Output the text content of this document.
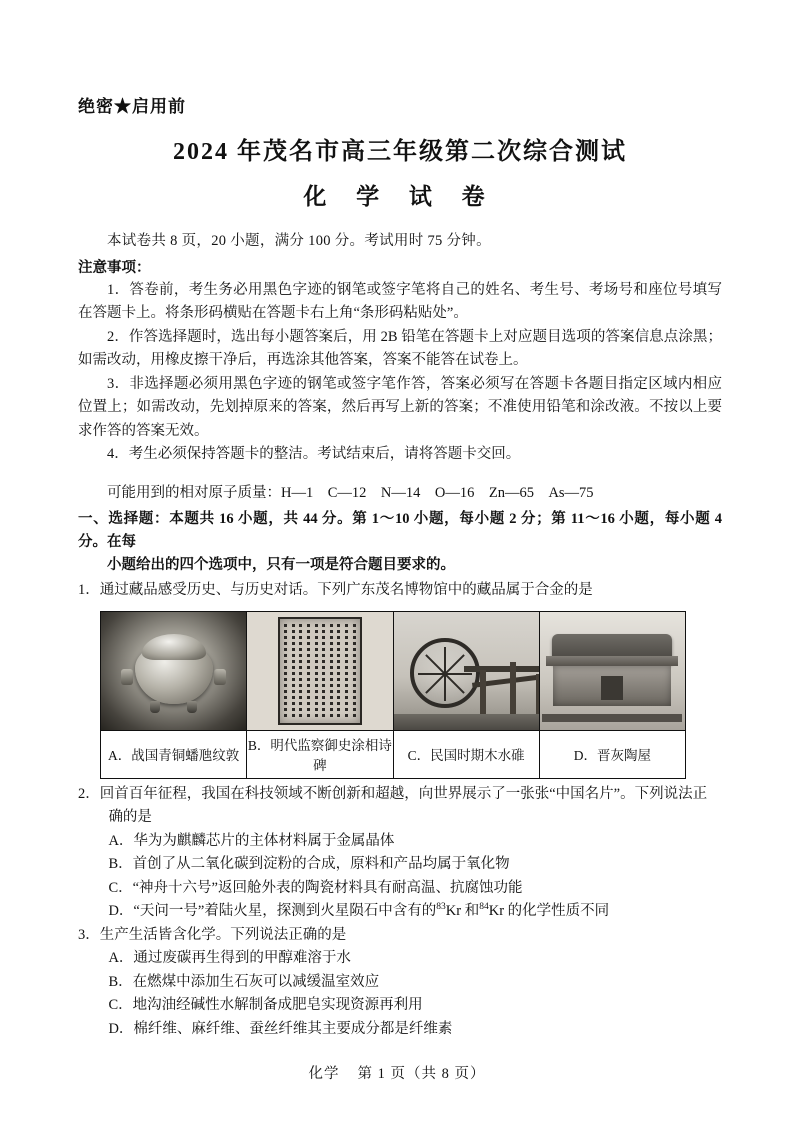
绝密★启用前
2024 年茂名市高三年级第二次综合测试
化 学 试 卷

本试卷共 8 页，20 小题，满分 100 分。考试用时 75 分钟。

注意事项：

1．答卷前，考生务必用黑色字迹的钢笔或签字笔将自己的姓名、考生号、考场号和座位号填写在答题卡上。将条形码横贴在答题卡右上角“条形码粘贴处”。

2．作答选择题时，选出每小题答案后，用 2B 铅笔在答题卡上对应题目选项的答案信息点涂黑；如需改动，用橡皮擦干净后，再选涂其他答案，答案不能答在试卷上。

3．非选择题必须用黑色字迹的钢笔或签字笔作答，答案必须写在答题卡各题目指定区域内相应位置上；如需改动，先划掉原来的答案，然后再写上新的答案；不准使用铅笔和涂改液。不按以上要求作答的答案无效。

4．考生必须保持答题卡的整洁。考试结束后，请将答题卡交回。

可能用到的相对原子质量：H—1　C—12　N—14　O—16　Zn—65　As—75

一、选择题：本题共 16 小题，共 44 分。第 1～10 小题，每小题 2 分；第 11～16 小题，每小题 4 分。在每
小题给出的四个选项中，只有一项是符合题目要求的。

1．通过藏品感受历史、与历史对话。下列广东茂名博物馆中的藏品属于合金的是

A．战国青铜蟠虺纹敦	B．明代监察御史涂相诗碑	C．民国时期木水碓	D．晋灰陶屋

2．回首百年征程，我国在科技领域不断创新和超越，向世界展示了一张张“中国名片”。下列说法正

确的是

A．华为为麒麟芯片的主体材料属于金属晶体

B．首创了从二氧化碳到淀粉的合成，原料和产品均属于氧化物

C．“神舟十六号”返回舱外表的陶瓷材料具有耐高温、抗腐蚀功能

D．“天问一号”着陆火星，探测到火星陨石中含有的$^{83}$Kr 和$^{84}$Kr 的化学性质不同

3．生产生活皆含化学。下列说法正确的是

A．通过废碳再生得到的甲醇难溶于水

B．在燃煤中添加生石灰可以减缓温室效应

C．地沟油经碱性水解制备成肥皂实现资源再利用

D．棉纤维、麻纤维、蚕丝纤维其主要成分都是纤维素

化学 第 1 页（共 8 页）
